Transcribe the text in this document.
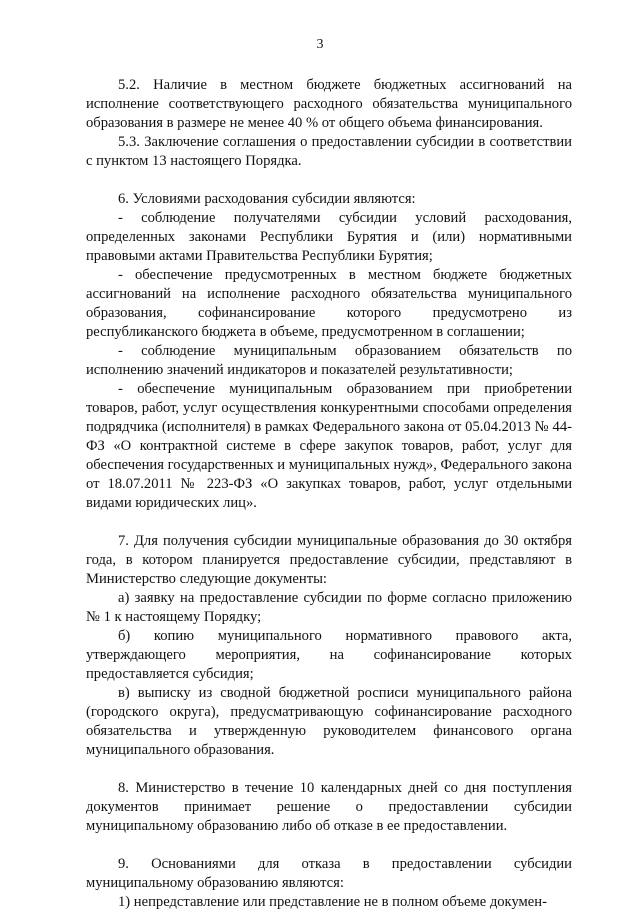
3

5.2. Наличие в местном бюджете бюджетных ассигнований на исполнение соответствующего расходного обязательства муниципального образования в размере не менее 40 % от общего объема финансирования.

5.3. Заключение соглашения о предоставлении субсидии в соответствии с пунктом 13 настоящего Порядка.

6. Условиями расходования субсидии являются:

- соблюдение получателями субсидии условий расходования, определенных законами Республики Бурятия и (или) нормативными правовыми актами Правительства Республики Бурятия;

- обеспечение предусмотренных в местном бюджете бюджетных ассигнований на исполнение расходного обязательства муниципального образования, софинансирование которого предусмотрено из республиканского бюджета в объеме, предусмотренном в соглашении;

- соблюдение муниципальным образованием обязательств по исполнению значений индикаторов и показателей результативности;

- обеспечение муниципальным образованием при приобретении товаров, работ, услуг осуществления конкурентными способами определения подрядчика (исполнителя) в рамках Федерального закона от 05.04.2013 № 44-ФЗ «О контрактной системе в сфере закупок товаров, работ, услуг для обеспечения государственных и муниципальных нужд», Федерального закона от 18.07.2011 № 223-ФЗ «О закупках товаров, работ, услуг отдельными видами юридических лиц».

7. Для получения субсидии муниципальные образования до 30 октября года, в котором планируется предоставление субсидии, представляют в Министерство следующие документы:

а) заявку на предоставление субсидии по форме согласно приложению № 1 к настоящему Порядку;

б) копию муниципального нормативного правового акта, утверждающего мероприятия, на софинансирование которых предоставляется субсидия;

в) выписку из сводной бюджетной росписи муниципального района (городского округа), предусматривающую софинансирование расходного обязательства и утвержденную руководителем финансового органа муниципального образования.

8. Министерство в течение 10 календарных дней со дня поступления документов принимает решение о предоставлении субсидии муниципальному образованию либо об отказе в ее предоставлении.

9. Основаниями для отказа в предоставлении субсидии муниципальному образованию являются:

1) непредставление или представление не в полном объеме докумен-
